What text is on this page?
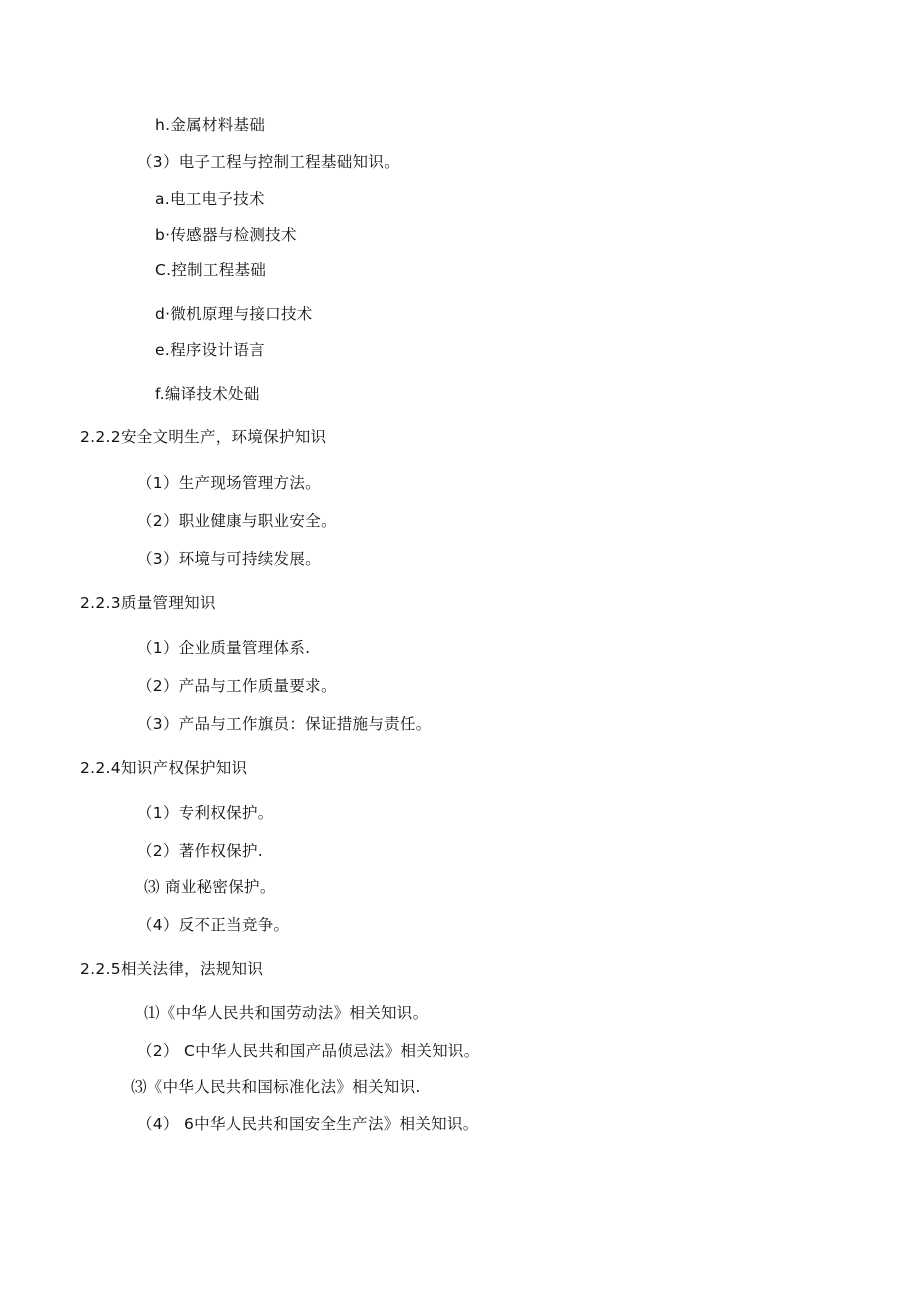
h.金属材料基础
（3）电子工程与控制工程基础知识。
a.电工电子技术
b·传感器与检测技术
C.控制工程基础
d·微机原理与接口技术
e.程序设计语言
f.编译技术处础
2.2.2安全文明生产，环境保护知识
（1）生产现场管理方法。
（2）职业健康与职业安全。
（3）环境与可持续发展。
2.2.3质量管理知识
（1）企业质量管理体系.
（2）产品与工作质量要求。
（3）产品与工作旗员：保证措施与责任。
2.2.4知识产权保护知识
（1）专利权保护。
（2）著作权保护.
⑶ 商业秘密保护。
（4）反不正当竞争。
2.2.5相关法律，法规知识
⑴《中华人民共和国劳动法》相关知识。
（2） C中华人民共和国产品侦忌法》相关知识。
⑶《中华人民共和国标准化法》相关知识.
（4） 6中华人民共和国安全生产法》相关知识。
